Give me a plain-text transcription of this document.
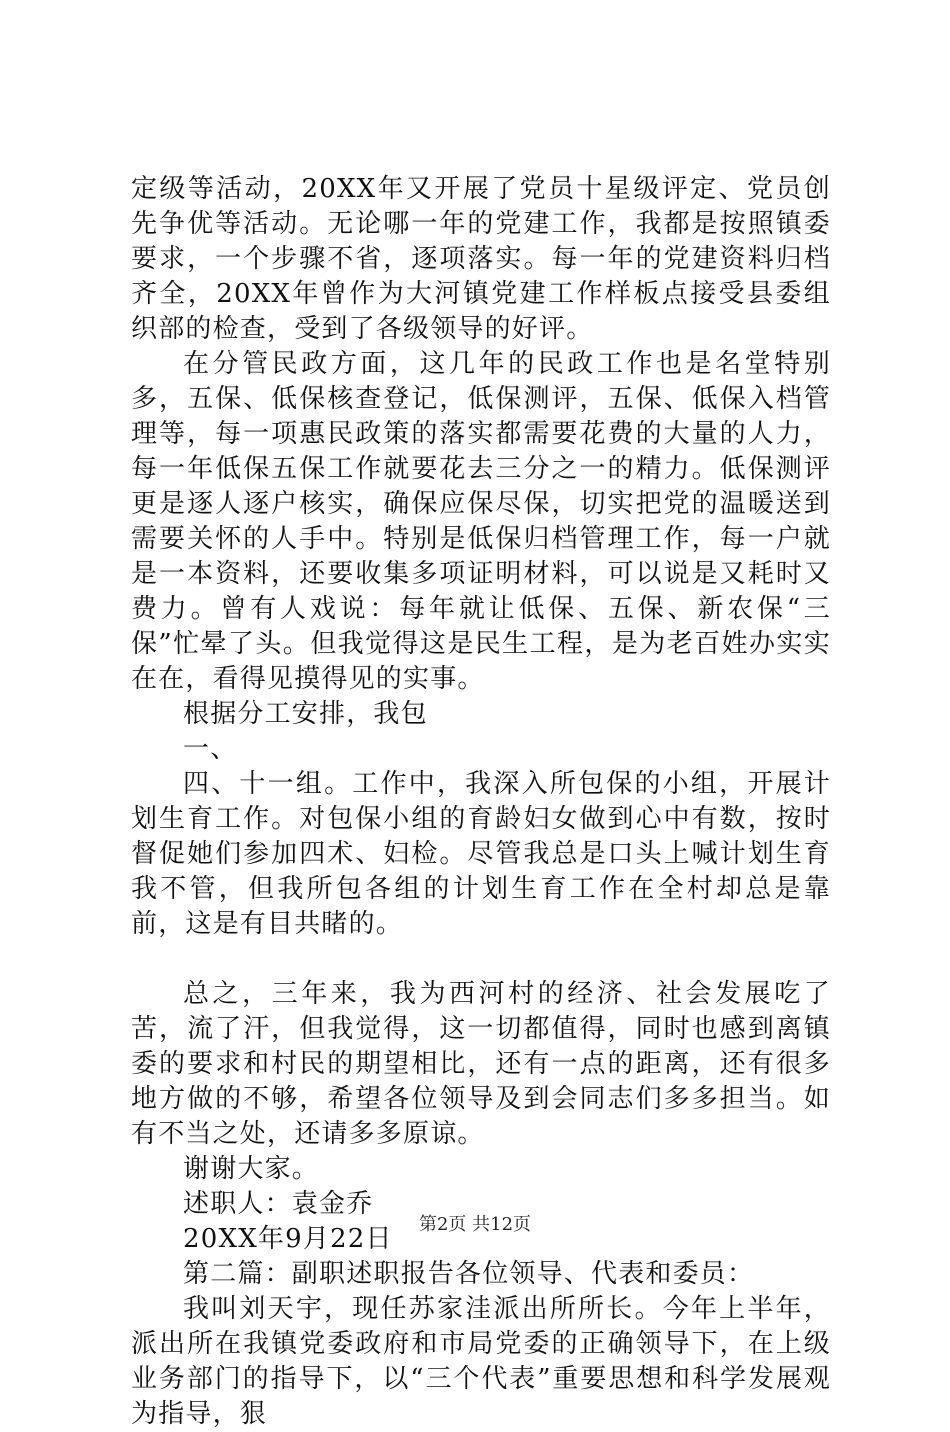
定级等活动，20XX年又开展了党员十星级评定、党员创先争优等活动。无论哪一年的党建工作，我都是按照镇委要求，一个步骤不省，逐项落实。每一年的党建资料归档齐全，20XX年曾作为大河镇党建工作样板点接受县委组织部的检查，受到了各级领导的好评。

在分管民政方面，这几年的民政工作也是名堂特别多，五保、低保核查登记，低保测评，五保、低保入档管理等，每一项惠民政策的落实都需要花费的大量的人力，每一年低保五保工作就要花去三分之一的精力。低保测评更是逐人逐户核实，确保应保尽保，切实把党的温暖送到需要关怀的人手中。特别是低保归档管理工作，每一户就是一本资料，还要收集多项证明材料，可以说是又耗时又费力。曾有人戏说：每年就让低保、五保、新农保“三保”忙晕了头。但我觉得这是民生工程，是为老百姓办实实在在，看得见摸得见的实事。

根据分工安排，我包

一、

四、十一组。工作中，我深入所包保的小组，开展计划生育工作。对包保小组的育龄妇女做到心中有数，按时督促她们参加四术、妇检。尽管我总是口头上喊计划生育我不管，但我所包各组的计划生育工作在全村却总是靠前，这是有目共睹的。

总之，三年来，我为西河村的经济、社会发展吃了苦，流了汗，但我觉得，这一切都值得，同时也感到离镇委的要求和村民的期望相比，还有一点的距离，还有很多地方做的不够，希望各位领导及到会同志们多多担当。如有不当之处，还请多多原谅。

谢谢大家。

述职人：袁金乔

20XX年9月22日

第二篇：副职述职报告各位领导、代表和委员：

我叫刘天宇，现任苏家洼派出所所长。今年上半年，派出所在我镇党委政府和市局党委的正确领导下，在上级业务部门的指导下，以“三个代表”重要思想和科学发展观为指导，狠

第2页 共12页
